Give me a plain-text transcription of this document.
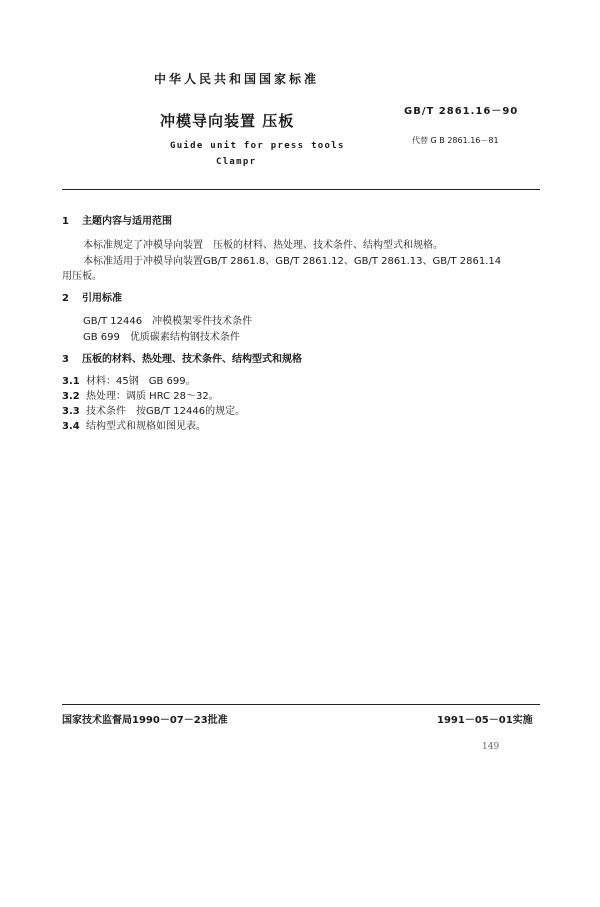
中华人民共和国国家标准
冲模导向装置 压板
GB/T 2861.16－90
代替 G B 2861.16－81
Guide unit for press tools
Clampr
1 主题内容与适用范围
本标准规定了冲模导向装置　压板的材料、热处理、技术条件、结构型式和规格。
本标准适用于冲模导向装置GB/T 2861.8、GB/T 2861.12、GB/T 2861.13、GB/T 2861.14
用压板。
2 引用标准
GB/T 12446　冲模模架零件技术条件
GB 699　优质碳素结构钢技术条件
3 压板的材料、热处理、技术条件、结构型式和规格
3.1 材料：45钢　GB 699。
3.2 热处理：调质 HRC 28～32。
3.3 技术条件　按GB/T 12446的规定。
3.4 结构型式和规格如图见表。
国家技术监督局1990－07－23批准	1991－05－01实施
149
